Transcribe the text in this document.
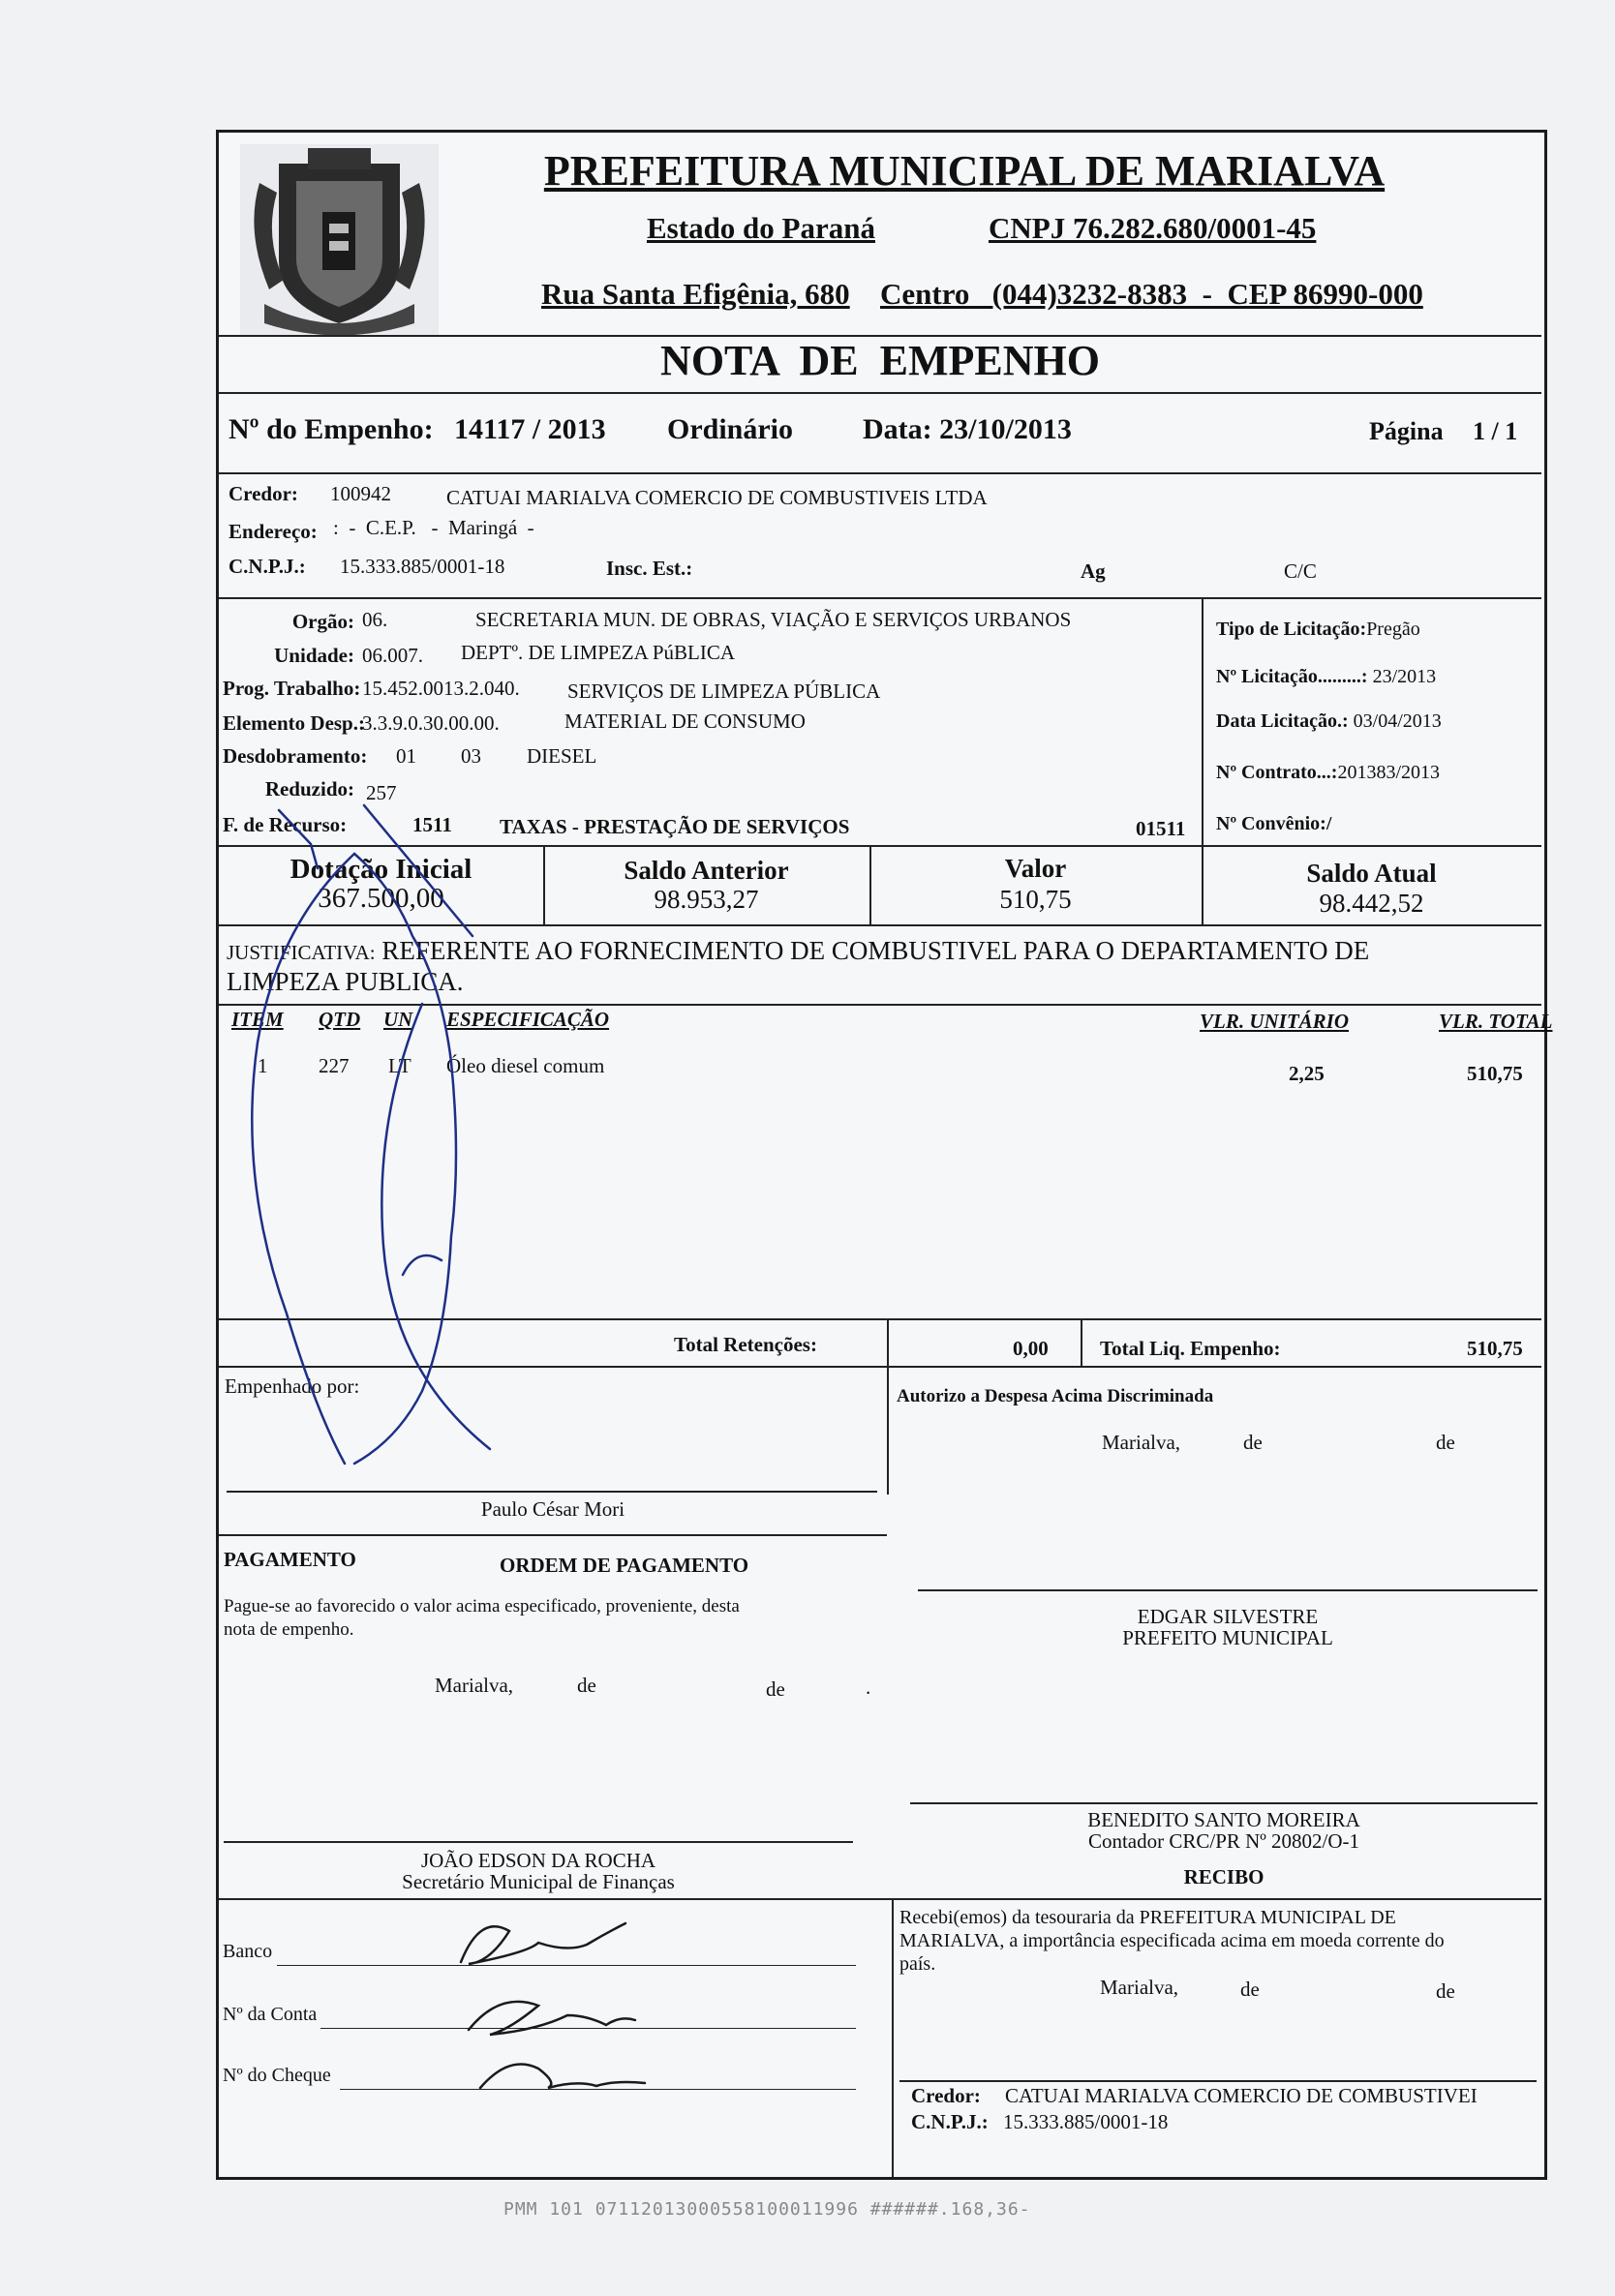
PREFEITURA MUNICIPAL DE MARIALVA
Estado do Paraná	CNPJ 76.282.680/0001-45
Rua Santa Efigênia, 680 Centro   (044)3232-8383  -  CEP 86990-000
NOTA  DE  EMPENHO
Nº do Empenho: 14117 / 2013 Ordinário Data: 23/10/2013	Página 1 / 1
Credor: 100942	CATUAI MARIALVA COMERCIO DE COMBUSTIVEIS LTDA
Endereço: :  -  C.E.P.   -  Maringá  -
C.N.P.J.: 15.333.885/0001-18	Insc. Est.:	Ag	C/C
Orgão: 06.	SECRETARIA MUN. DE OBRAS, VIAÇÃO E SERVIÇOS URBANOS
Unidade: 06.007. DEPTº. DE LIMPEZA PúBLICA
Prog. Trabalho: 15.452.0013.2.040. SERVIÇOS DE LIMPEZA PÚBLICA
Elemento Desp.:
3.3.9.0.30.00.00.	MATERIAL DE CONSUMO
Desdobramento: 01 03 DIESEL
Reduzido: 257
F. de Recurso:	1511 TAXAS - PRESTAÇÃO DE SERVIÇOS	01511
Tipo de Licitação:Pregão
Nº Licitação.........: 23/2013
Data Licitação.: 03/04/2013
Nº Contrato...:201383/2013
Nº Convênio:/
Dotação Inicial
367.500,00
Saldo Anterior
98.953,27
Valor
510,75
Saldo Atual
98.442,52
JUSTIFICATIVA: REFERENTE AO FORNECIMENTO DE COMBUSTIVEL PARA O DEPARTAMENTO DE
LIMPEZA PUBLICA.
ITEM QTD UN ESPECIFICAÇÃO	VLR. UNITÁRIO	VLR. TOTAL
1	227 LT Óleo diesel comum	2,25	510,75
Total Retenções:	0,00	Total Liq. Empenho:	510,75
Empenhado por:
Paulo César Mori
Autorizo a Despesa Acima Discriminada
Marialva,	de	de
PAGAMENTO	ORDEM DE PAGAMENTO
Pague-se ao favorecido o valor acima especificado, proveniente, desta
nota de empenho.
Marialva,	de	de	.
EDGAR SILVESTRE
PREFEITO MUNICIPAL
BENEDITO SANTO MOREIRA
Contador CRC/PR Nº 20802/O-1
RECIBO
JOÃO EDSON DA ROCHA
Secretário Municipal de Finanças
Banco
Nº da Conta
Nº do Cheque
Recebi(emos) da tesouraria da PREFEITURA MUNICIPAL DE
MARIALVA, a importância especificada acima em moeda corrente do
país.
Marialva,	de	de
Credor: CATUAI MARIALVA COMERCIO DE COMBUSTIVEI
C.N.P.J.: 15.333.885/0001-18
PMM 101 07112013000558100011996 ######.168,36-
